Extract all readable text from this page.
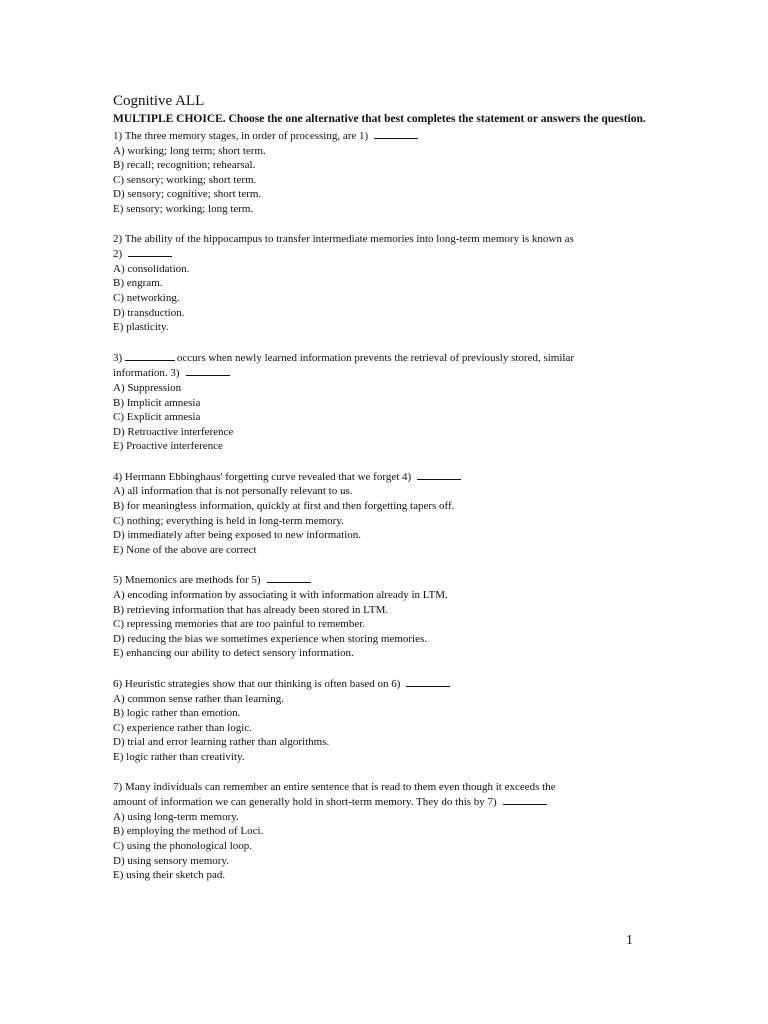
Cognitive ALL
MULTIPLE CHOICE. Choose the one alternative that best completes the statement or answers the question.
1) The three memory stages, in order of processing, are 1)
A) working; long term; short term.
B) recall; recognition; rehearsal.
C) sensory; working; short term.
D) sensory; cognitive; short term.
E) sensory; working; long term.
2) The ability of the hippocampus to transfer intermediate memories into long-term memory is known as
2)
A) consolidation.
B) engram.
C) networking.
D) transduction.
E) plasticity.
3)	occurs when newly learned information prevents the retrieval of previously stored, similar
information. 3)
A) Suppression
B) Implicit amnesia
C) Explicit amnesia
D) Retroactive interference
E) Proactive interference
4) Hermann Ebbinghaus' forgetting curve revealed that we forget 4)
A) all information that is not personally relevant to us.
B) for meaningless information, quickly at first and then forgetting tapers off.
C) nothing; everything is held in long-term memory.
D) immediately after being exposed to new information.
E) None of the above are correct
5) Mnemonics are methods for 5)
A) encoding information by associating it with information already in LTM.
B) retrieving information that has already been stored in LTM.
C) repressing memories that are too painful to remember.
D) reducing the bias we sometimes experience when storing memories.
E) enhancing our ability to detect sensory information.
6) Heuristic strategies show that our thinking is often based on 6)
A) common sense rather than learning.
B) logic rather than emotion.
C) experience rather than logic.
D) trial and error learning rather than algorithms.
E) logic rather than creativity.
7) Many individuals can remember an entire sentence that is read to them even though it exceeds the
amount of information we can generally hold in short-term memory. They do this by 7)
A) using long-term memory.
B) employing the method of Loci.
C) using the phonological loop.
D) using sensory memory.
E) using their sketch pad.
1
